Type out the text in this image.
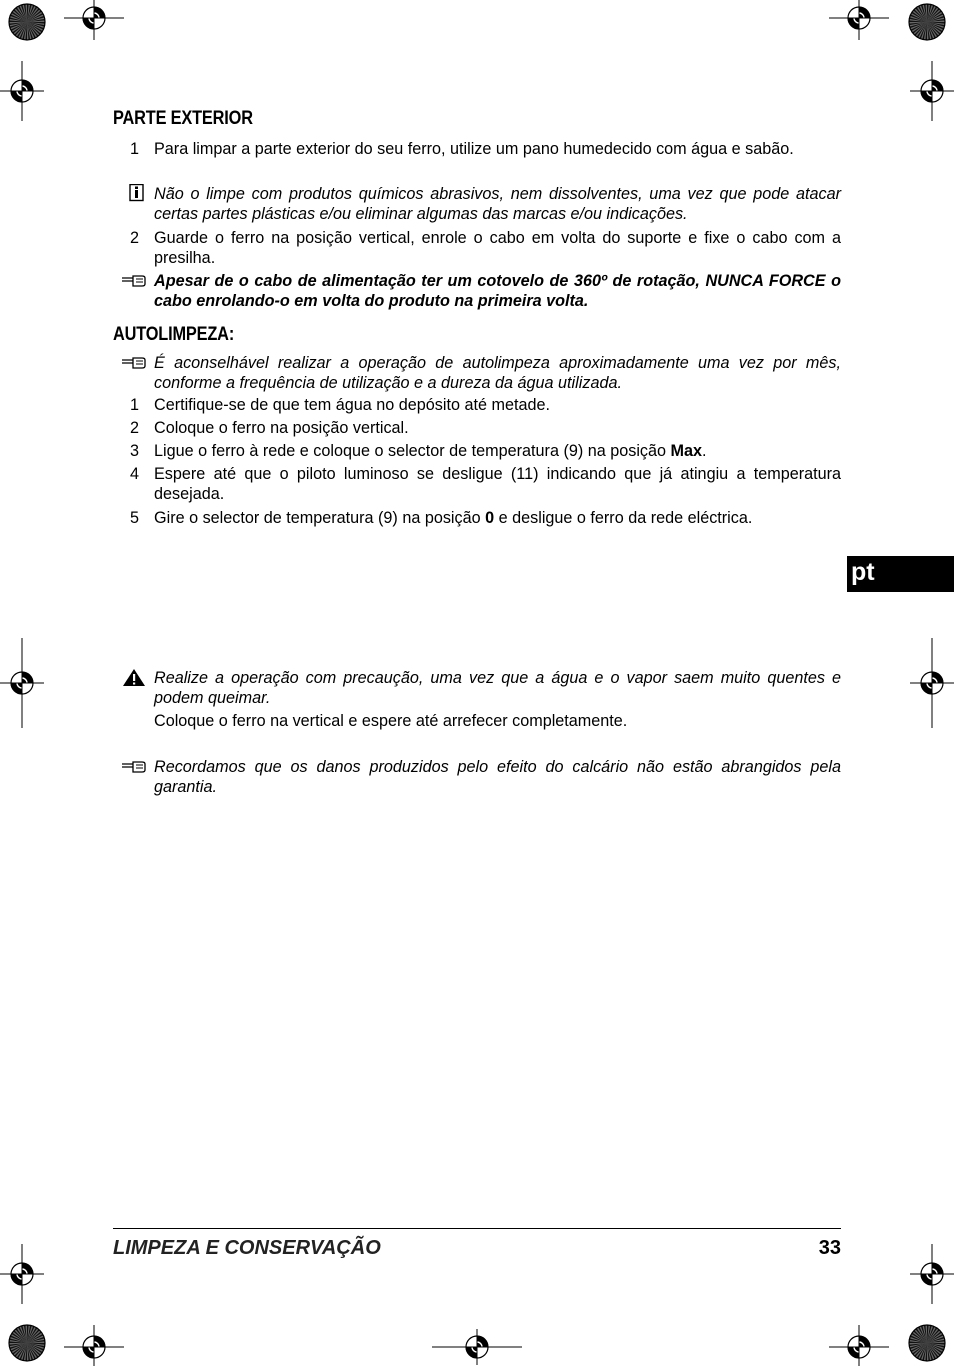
PARTE EXTERIOR
1 Para limpar a parte exterior do seu ferro, utilize um pano humedecido com água e sabão.
Não o limpe com produtos químicos abrasivos, nem dissolventes, uma vez que pode atacar certas partes plásticas e/ou eliminar algumas das marcas e/ou indicações.
2 Guarde o ferro na posição vertical, enrole o cabo em volta do suporte e fixe o cabo com a presilha.
Apesar de o cabo de alimentação ter um cotovelo de 360º de rotação, NUNCA FORCE o cabo enrolando-o em volta do produto na primeira volta.
AUTOLIMPEZA:
É aconselhável realizar a operação de autolimpeza aproximadamente uma vez por mês, conforme a frequência de utilização e a dureza da água utilizada.
1 Certifique-se de que tem água no depósito até metade.
2 Coloque o ferro na posição vertical.
3 Ligue o ferro à rede e coloque o selector de temperatura (9) na posição Max.
4 Espere até que o piloto luminoso se desligue (11) indicando que já atingiu a temperatura desejada.
5 Gire o selector de temperatura (9) na posição 0 e desligue o ferro da rede eléctrica.
pt
Realize a operação com precaução, uma vez que a água e o vapor saem muito quentes e podem queimar.
Coloque o ferro na vertical e espere até arrefecer completamente.
Recordamos que os danos produzidos pelo efeito do calcário não estão abrangidos pela garantia.
LIMPEZA E CONSERVAÇÃO	33
